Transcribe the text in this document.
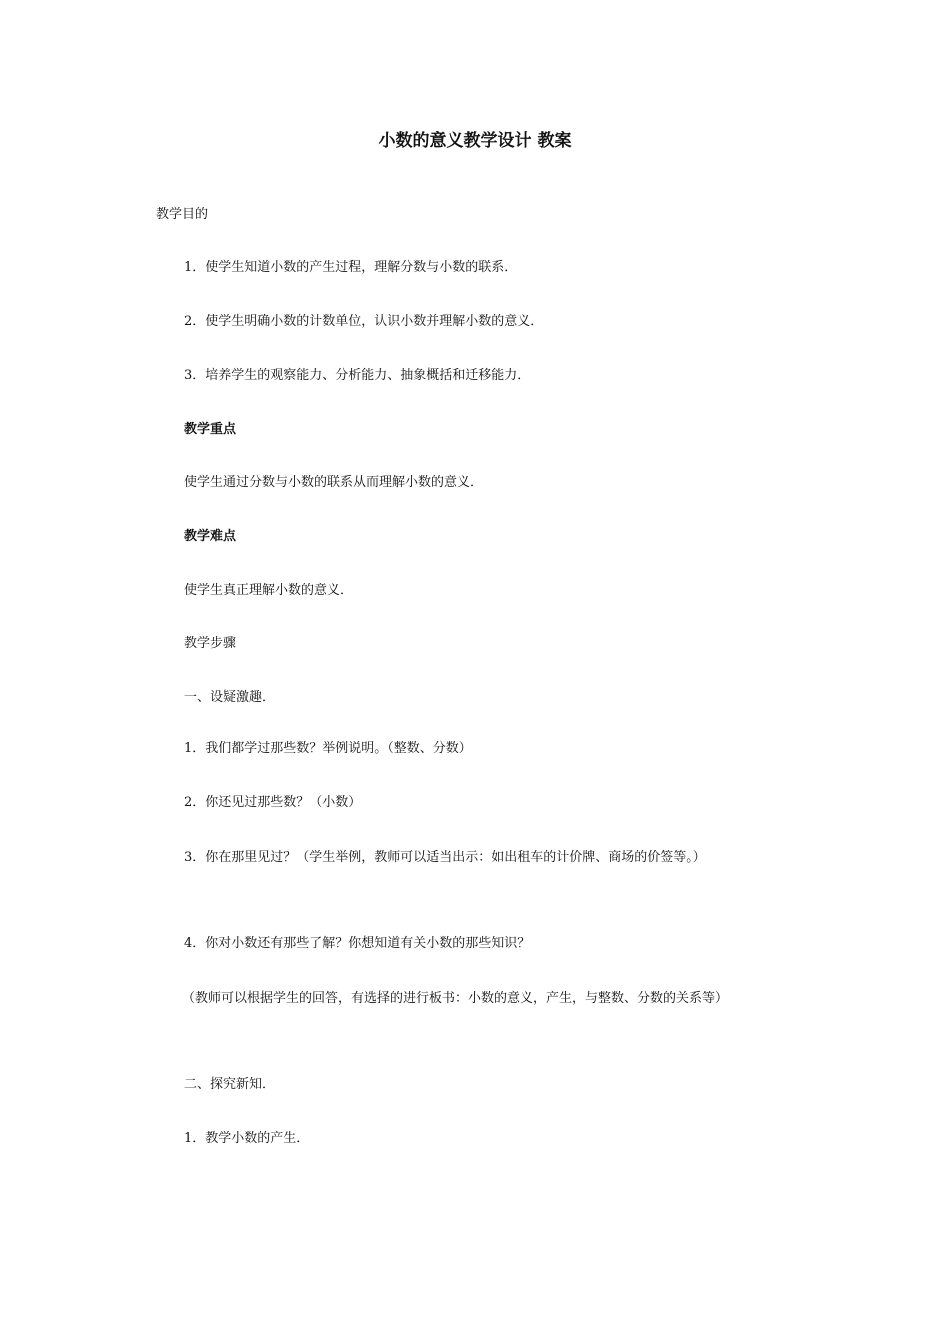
小数的意义教学设计 教案
教学目的
1．使学生知道小数的产生过程，理解分数与小数的联系．
2．使学生明确小数的计数单位，认识小数并理解小数的意义．
3．培养学生的观察能力、分析能力、抽象概括和迁移能力．
教学重点
使学生通过分数与小数的联系从而理解小数的意义．
教学难点
使学生真正理解小数的意义．
教学步骤
一、设疑激趣．
1．我们都学过那些数？举例说明。（整数、分数）
2．你还见过那些数？（小数）
3．你在那里见过？（学生举例，教师可以适当出示：如出租车的计价牌、商场的价签等。）
4．你对小数还有那些了解？你想知道有关小数的那些知识？
（教师可以根据学生的回答，有选择的进行板书：小数的意义，产生，与整数、分数的关系等）
二、探究新知．
1．教学小数的产生．
